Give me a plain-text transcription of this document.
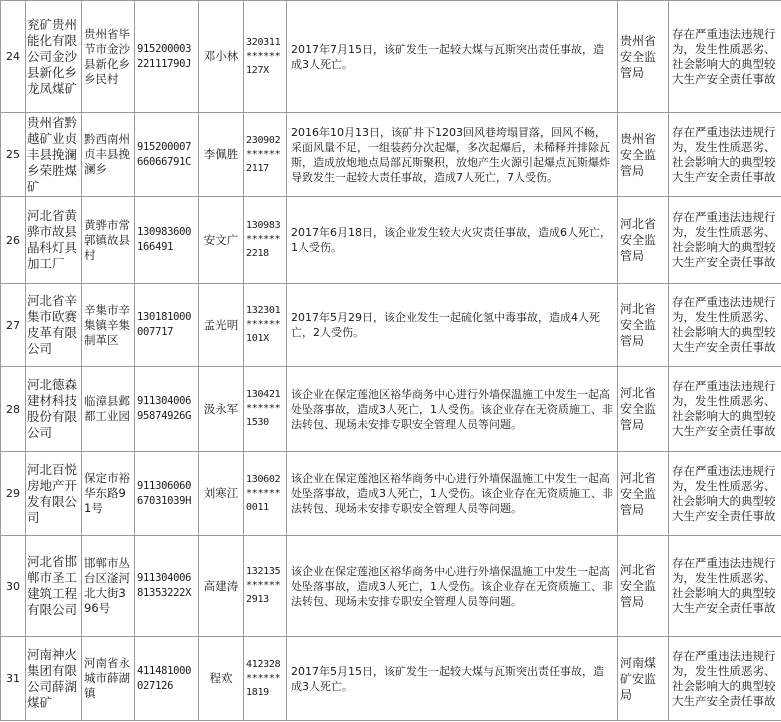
24	兖矿贵州能化有限公司金沙县新化乡龙凤煤矿	贵州省毕节市金沙县新化乡乡民村	91520000322111790J	邓小林	320311******127X	2017年7月15日，该矿发生一起较大煤与瓦斯突出责任事故，造成3人死亡。	贵州省安全监管局	存在严重违法违规行为，发生性质恶劣、社会影响大的典型较大生产安全责任事故
25	贵州省黔越矿业贞丰县挽澜乡荣胜煤矿	黔西南州贞丰县挽澜乡	91520000766066791C	李佩胜	230902******2117	2016年10月13日，该矿井下1203回风巷垮塌冒落，回风不畅，采面风量不足，一组装药分次起爆，多次起爆后，未稀释并排除瓦斯，造成放炮地点局部瓦斯聚积，放炮产生火源引起爆点瓦斯爆炸导致发生一起较大责任事故，造成7人死亡，7人受伤。	贵州省安全监管局	存在严重违法违规行为，发生性质恶劣、社会影响大的典型较大生产安全责任事故
26	河北省黄骅市故县晶科灯具加工厂	黄骅市常郭镇故县村	130983600166491	安文广	130983******2218	2017年6月18日，该企业发生较大火灾责任事故，造成6人死亡，1人受伤。	河北省安全监管局	存在严重违法违规行为，发生性质恶劣、社会影响大的典型较大生产安全责任事故
27	河北省辛集市欧赛皮革有限公司	辛集市辛集镇辛集制革区	130181000007717	孟光明	132301******101X	2017年5月29日，该企业发生一起硫化氢中毒事故，造成4人死亡，2人受伤。	河北省安全监管局	存在严重违法违规行为，发生性质恶劣、社会影响大的典型较大生产安全责任事故
28	河北德森建材科技股份有限公司	临漳县邺都工业园	91130400695874926G	汲永军	130421******1530	该企业在保定莲池区裕华商务中心进行外墙保温施工中发生一起高处坠落事故，造成3人死亡，1人受伤。该企业存在无资质施工、非法转包、现场未安排专职安全管理人员等问题。	河北省安全监管局	存在严重违法违规行为，发生性质恶劣、社会影响大的典型较大生产安全责任事故
29	河北百悦房地产开发有限公司	保定市裕华东路91号	91130606067031039H	刘寒江	130602******0011	该企业在保定莲池区裕华商务中心进行外墙保温施工中发生一起高处坠落事故，造成3人死亡，1人受伤。该企业存在无资质施工、非法转包、现场未安排专职安全管理人员等问题。	河北省安全监管局	存在严重违法违规行为，发生性质恶劣、社会影响大的典型较大生产安全责任事故
30	河北省邯郸市圣工建筑工程有限公司	邯郸市丛台区滏河北大街396号	91130400681353222X	高建涛	132135******2913	该企业在保定莲池区裕华商务中心进行外墙保温施工中发生一起高处坠落事故，造成3人死亡，1人受伤。该企业存在无资质施工、非法转包、现场未安排专职安全管理人员等问题。	河北省安全监管局	存在严重违法违规行为，发生性质恶劣、社会影响大的典型较大生产安全责任事故
31	河南神火集团有限公司薛湖煤矿	河南省永城市薛湖镇	411481000027126	程欢	412328******1819	2017年5月15日，该矿发生一起较大煤与瓦斯突出责任事故，造成3人死亡。	河南煤矿安监局	存在严重违法违规行为，发生性质恶劣、社会影响大的典型较大生产安全责任事故
